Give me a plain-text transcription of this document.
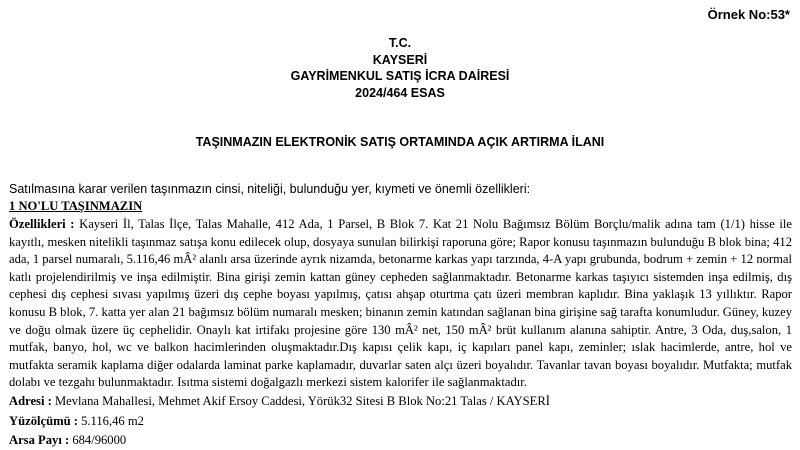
Örnek No:53*
T.C.
KAYSERİ
GAYRİMENKUL SATIŞ İCRA DAİRESİ
2024/464 ESAS
TAŞINMAZIN ELEKTRONİK SATIŞ ORTAMINDA AÇIK ARTIRMA İLANI
Satılmasına karar verilen taşınmazın cinsi, niteliği, bulunduğu yer, kıymeti ve önemli özellikleri:
1 NO'LU TAŞINMAZIN

Özellikleri : Kayseri İl, Talas İlçe, Talas Mahalle, 412 Ada, 1 Parsel, B Blok 7. Kat 21 Nolu Bağımsız Bölüm Borçlu/malik adına tam (1/1) hisse ile kayıtlı, mesken nitelikli taşınmaz satışa konu edilecek olup, dosyaya sunulan bilirkişi raporuna göre; Rapor konusu taşınmazın bulunduğu B blok bina; 412 ada, 1 parsel numaralı, 5.116,46 mÂ² alanlı arsa üzerinde ayrık nizamda, betonarme karkas yapı tarzında, 4-A yapı grubunda, bodrum + zemin + 12 normal katlı projelendirilmiş ve inşa edilmiştir. Bina girişi zemin kattan güney cepheden sağlanmaktadır. Betonarme karkas taşıyıcı sistemden inşa edilmiş, dış cephesi dış cephesi sıvası yapılmış üzeri dış cephe boyası yapılmış, çatısı ahşap oturtma çatı üzeri membran kaplıdır. Bina yaklaşık 13 yıllıktır. Rapor konusu B blok, 7. katta yer alan 21 bağımsız bölüm numaralı mesken; binanın zemin katından sağlanan bina girişine sağ tarafta konumludur. Güney, kuzey ve doğu olmak üzere üç cephelidir. Onaylı kat irtifakı projesine göre 130 mÂ² net, 150 mÂ² brüt kullanım alanına sahiptir. Antre, 3 Oda, duş,salon, 1 mutfak, banyo, hol, wc ve balkon hacimlerinden oluşmaktadır.Dış kapısı çelik kapı, iç kapıları panel kapı, zeminler; ıslak hacimlerde, antre, hol ve mutfakta seramik kaplama diğer odalarda laminat parke kaplamadır, duvarlar saten alçı üzeri boyalıdır. Tavanlar tavan boyası boyalıdır. Mutfakta; mutfak dolabı ve tezgahı bulunmaktadır. Isıtma sistemi doğalgazlı merkezi sistem kalorifer ile sağlanmaktadır.

Adresi : Mevlana Mahallesi, Mehmet Akif Ersoy Caddesi, Yörük32 Sitesi B Blok No:21 Talas / KAYSERİ
Yüzölçümü : 5.116,46 m2
Arsa Payı : 684/96000
